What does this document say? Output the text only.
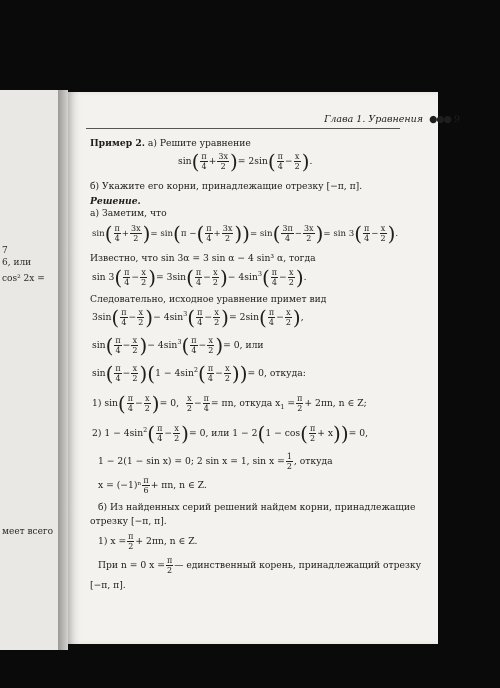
7
6, или
cos² 2x =
меет всего
Глава 1. Уравнения ●●● 9
Пример 2. а) Решите уравнение
$\sin( \frac{\pi}{4} + \frac{3x}{2}$ )= $2\sin( \frac{\pi}{4} - \frac{x}{2}$ ).
б) Укажите его корни, принадлежащие отрезку [−π, π].
Решение.
а) Заметим, что
$\sin( \frac{\pi}{4} + \frac{3x}{2}$ )= sin(π −( $\frac{\pi}{4} + \frac{3x}{2}$ ))= $\sin( \frac{3\pi}{4} - \frac{3x}{2}$ )= $\sin 3( \frac{\pi}{4} - \frac{x}{2}$ ).
Известно, что sin 3α = 3 sin α − 4 sin³ α, тогда
$\sin 3( \frac{\pi}{4} - \frac{x}{2}$ )= $3\sin( \frac{\pi}{4} - \frac{x}{2}$ )− $4\sin^3( \frac{\pi}{4} - \frac{x}{2}$ ).
Следовательно, исходное уравнение примет вид
$3\sin( \frac{\pi}{4} - \frac{x}{2}$ )− $4\sin^3( \frac{\pi}{4} - \frac{x}{2}$ )= $2\sin( \frac{\pi}{4} - \frac{x}{2}$ ),
$\sin( \frac{\pi}{4} - \frac{x}{2}$ )− $4\sin^3( \frac{\pi}{4} - \frac{x}{2}$ )= 0, или
$\sin( \frac{\pi}{4} - \frac{x}{2} )(1 - 4\sin^2( \frac{\pi}{4} - \frac{x}{2}$ ))= 0, откуда:
1) $\sin( \frac{\pi}{4} - \frac{x}{2}$ )= 0, $\frac{x}{2} - \frac{\pi}{4} = \pi n$, откуда $x_1 = \frac{\pi}{2} + 2\pi n$, n ∈ Z;
2) $1 - 4\sin^2( \frac{\pi}{4} - \frac{x}{2}$ )= 0, или $1 - 2(1 - \cos( \frac{\pi}{2} + x))= 0$,
1 − 2(1 − sin x) = 0; 2 sin x = 1, $\sin x = \frac{1}{2}$ , откуда
$x = (-1)^n \frac{\pi}{6} + \pi n$, n ∈ Z.
б) Из найденных серий решений найдем корни, принадлежащие
отрезку [−π, π].
1) $x = \frac{\pi}{2} + 2\pi n$, n ∈ Z.
При n = 0 $x = \frac{\pi}{2}$ — единственный корень, принадлежащий отрезку
[−π, π].
